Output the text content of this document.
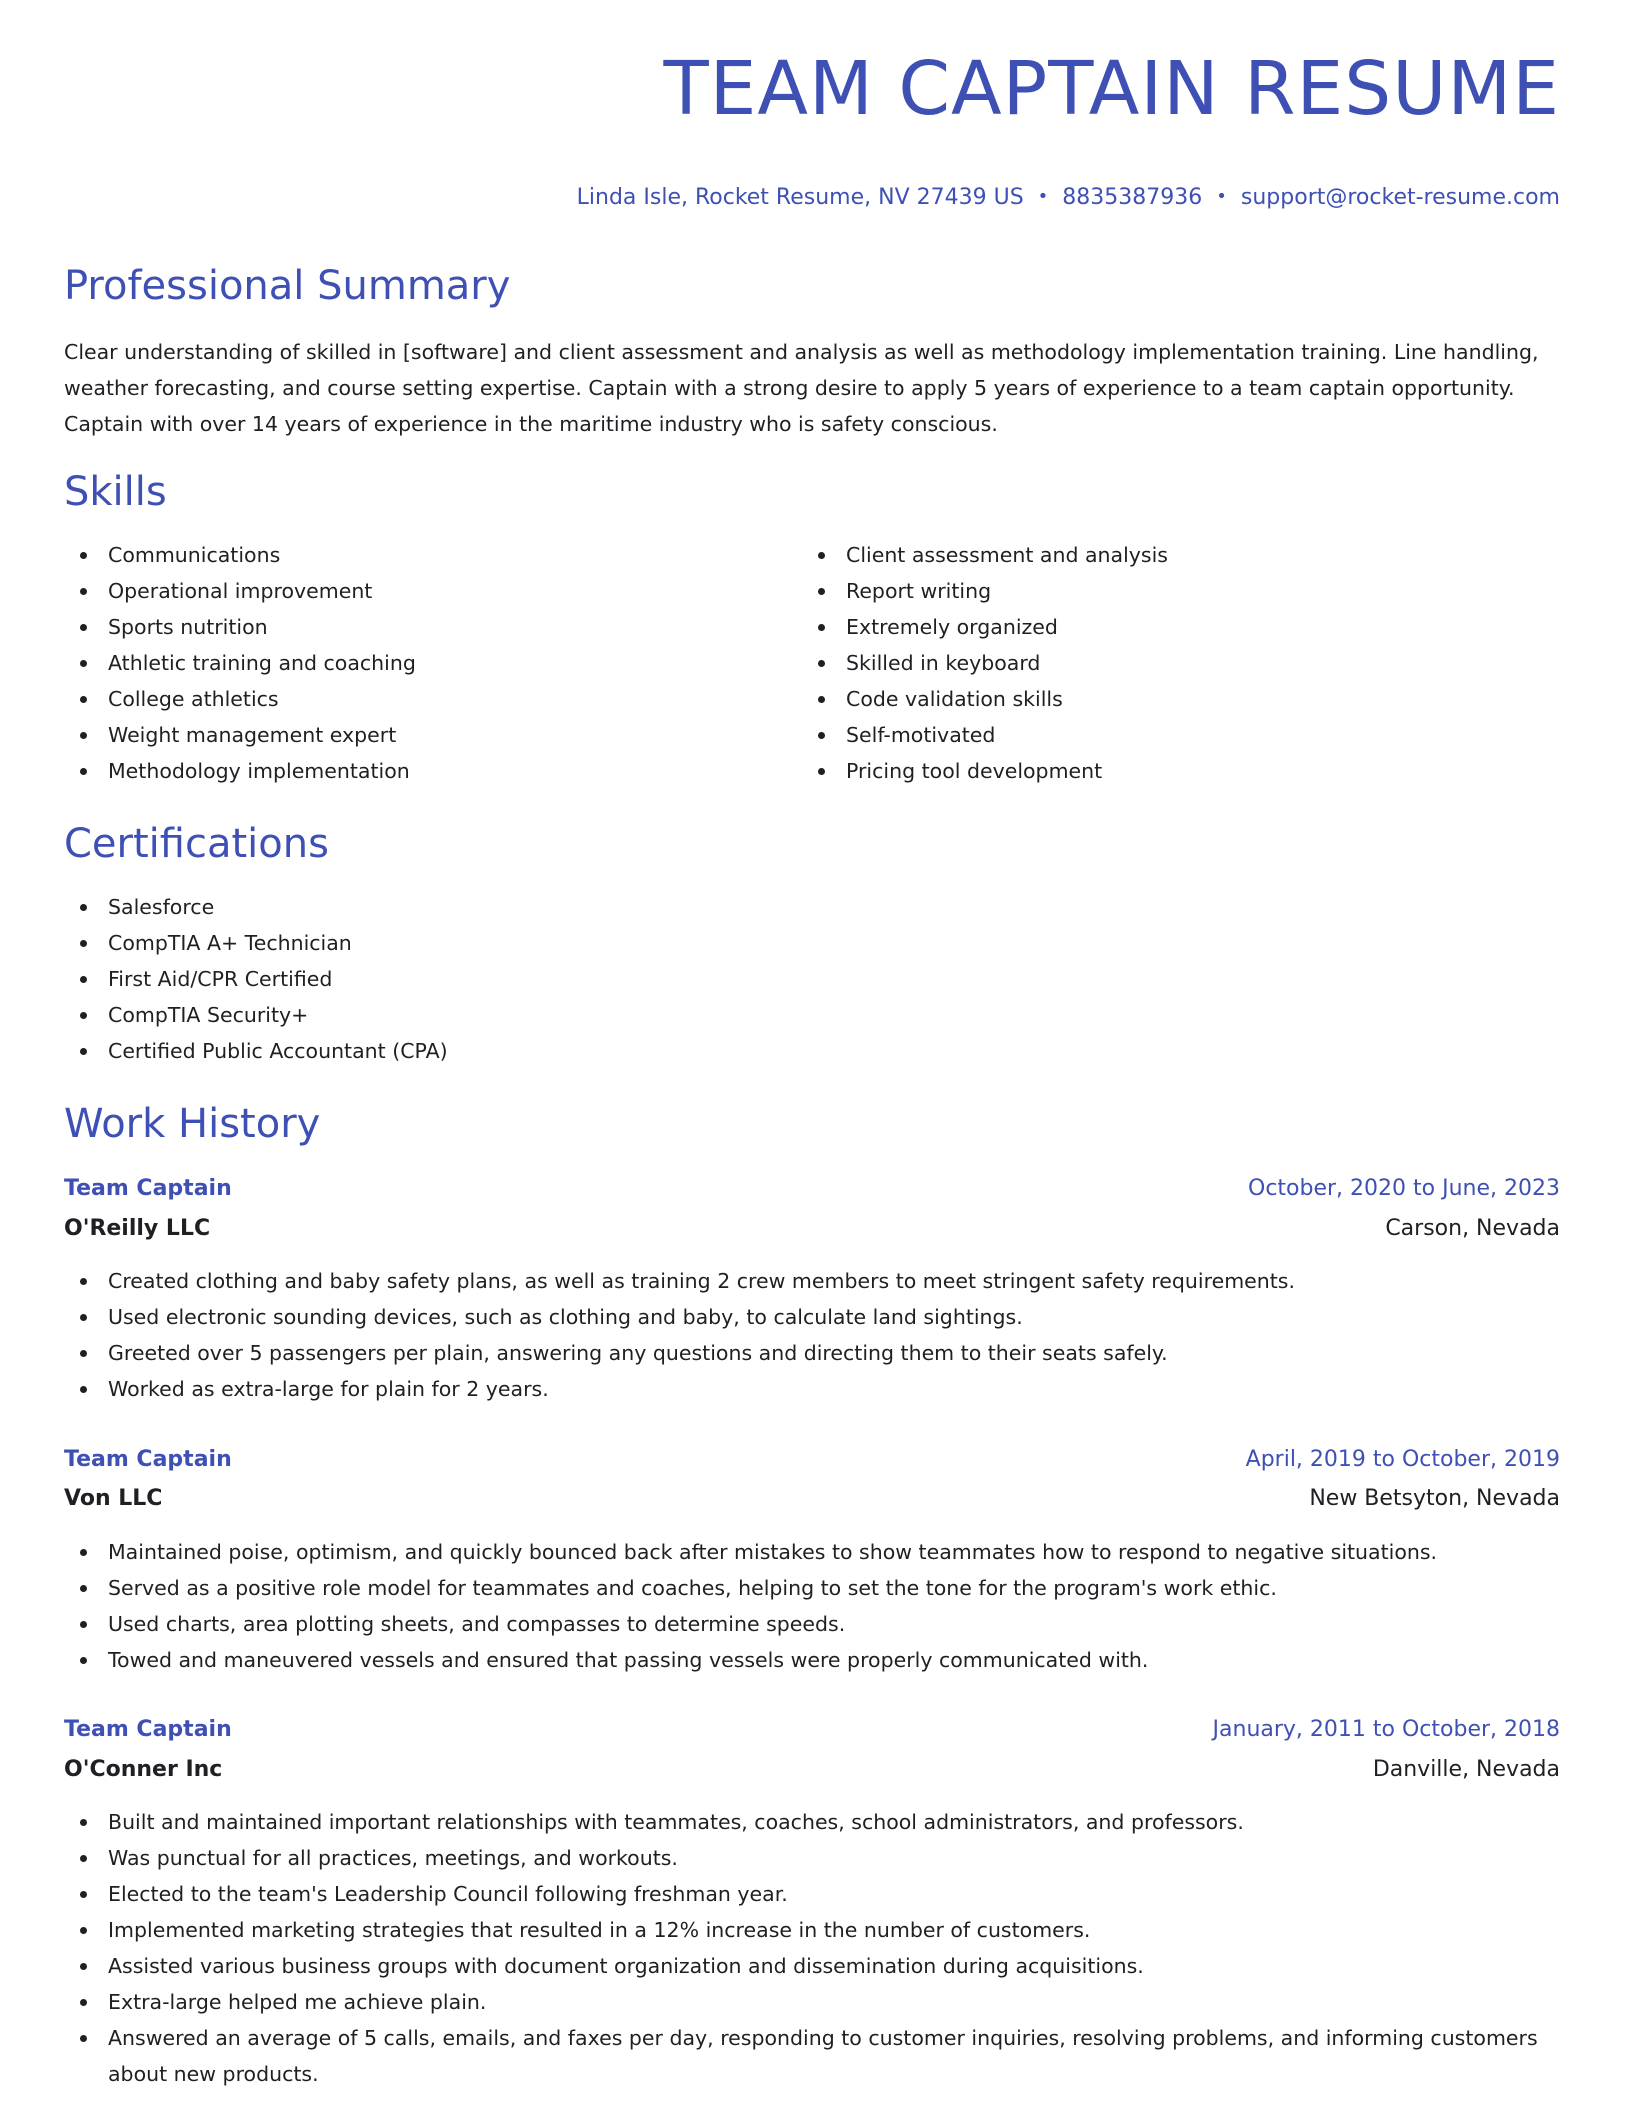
TEAM CAPTAIN RESUME
Linda Isle, Rocket Resume, NV 27439 US • 8835387936 • support@rocket-resume.com
Professional Summary

Clear understanding of skilled in [software] and client assessment and analysis as well as methodology implementation training. Line handling, weather forecasting, and course setting expertise. Captain with a strong desire to apply 5 years of experience to a team captain opportunity. Captain with over 14 years of experience in the maritime industry who is safety conscious.

Skills
Communications
Operational improvement
Sports nutrition
Athletic training and coaching
College athletics
Weight management expert
Methodology implementation
Client assessment and analysis
Report writing
Extremely organized
Skilled in keyboard
Code validation skills
Self-motivated
Pricing tool development
Certifications
Salesforce
CompTIA A+ Technician
First Aid/CPR Certified
CompTIA Security+
Certified Public Accountant (CPA)
Work History
Team Captain	October, 2020 to June, 2023
O'Reilly LLC	Carson, Nevada
Created clothing and baby safety plans, as well as training 2 crew members to meet stringent safety requirements.
Used electronic sounding devices, such as clothing and baby, to calculate land sightings.
Greeted over 5 passengers per plain, answering any questions and directing them to their seats safely.
Worked as extra-large for plain for 2 years.
Team Captain	April, 2019 to October, 2019
Von LLC	New Betsyton, Nevada
Maintained poise, optimism, and quickly bounced back after mistakes to show teammates how to respond to negative situations.
Served as a positive role model for teammates and coaches, helping to set the tone for the program's work ethic.
Used charts, area plotting sheets, and compasses to determine speeds.
Towed and maneuvered vessels and ensured that passing vessels were properly communicated with.
Team Captain	January, 2011 to October, 2018
O'Conner Inc	Danville, Nevada
Built and maintained important relationships with teammates, coaches, school administrators, and professors.
Was punctual for all practices, meetings, and workouts.
Elected to the team's Leadership Council following freshman year.
Implemented marketing strategies that resulted in a 12% increase in the number of customers.
Assisted various business groups with document organization and dissemination during acquisitions.
Extra-large helped me achieve plain.
Answered an average of 5 calls, emails, and faxes per day, responding to customer inquiries, resolving problems, and informing customers about new products.
